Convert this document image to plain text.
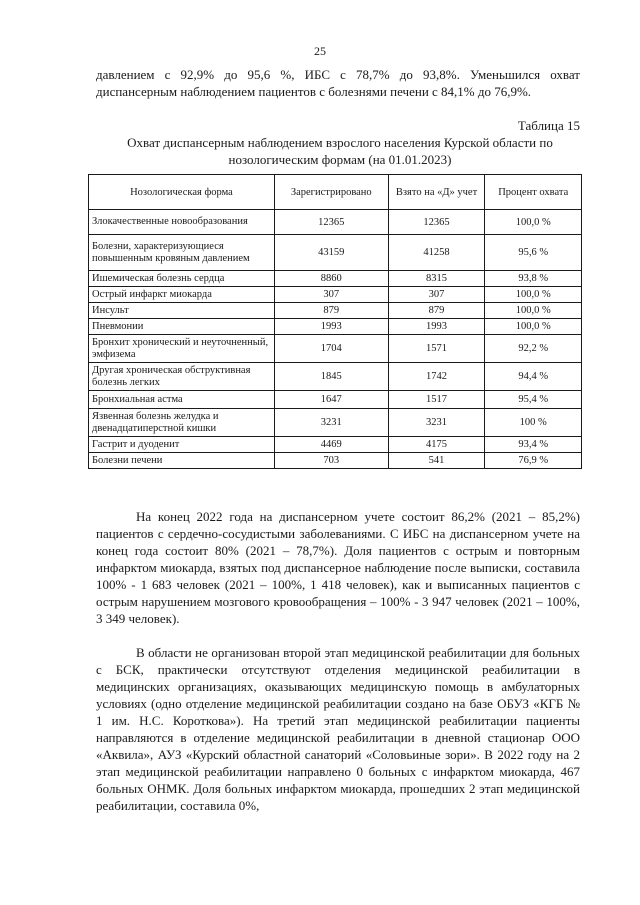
25

давлением с 92,9% до 95,6 %, ИБС с 78,7% до 93,8%. Уменьшился охват диспансерным наблюдением пациентов с болезнями печени с 84,1% до 76,9%.

Таблица 15
Охват диспансерным наблюдением взрослого населения Курской области по нозологическим формам (на 01.01.2023)
Нозологическая форма	Зарегистрировано	Взято на «Д» учет	Процент охвата
Злокачественные новообразования	12365	12365	100,0 %
Болезни, характеризующиеся повышенным кровяным давлением	43159	41258	95,6 %
Ишемическая болезнь сердца	8860	8315	93,8 %
Острый инфаркт миокарда	307	307	100,0 %
Инсульт	879	879	100,0 %
Пневмонии	1993	1993	100,0 %
Бронхит хронический и неуточненный, эмфизема	1704	1571	92,2 %
Другая хроническая обструктивная болезнь легких	1845	1742	94,4 %
Бронхиальная астма	1647	1517	95,4 %
Язвенная болезнь желудка и двенадцатиперстной кишки	3231	3231	100 %
Гастрит и дуоденит	4469	4175	93,4 %
Болезни печени	703	541	76,9 %

На конец 2022 года на диспансерном учете состоит 86,2% (2021 – 85,2%) пациентов с сердечно-сосудистыми заболеваниями. С ИБС на диспансерном учете на конец года состоит 80% (2021 – 78,7%). Доля пациентов с острым и повторным инфарктом миокарда, взятых под диспансерное наблюдение после выписки, составила 100% - 1 683 человек (2021 – 100%, 1 418 человек), как и выписанных пациентов с острым нарушением мозгового кровообращения – 100% - 3 947 человек (2021 – 100%, 3 349 человек).

В области не организован второй этап медицинской реабилитации для больных с БСК, практически отсутствуют отделения медицинской реабилитации в медицинских организациях, оказывающих медицинскую помощь в амбулаторных условиях (одно отделение медицинской реабилитации создано на базе ОБУЗ «КГБ № 1 им. Н.С. Короткова»). На третий этап медицинской реабилитации пациенты направляются в отделение медицинской реабилитации в дневной стационар ООО «Аквила», АУЗ «Курский областной санаторий «Соловьиные зори». В 2022 году на 2 этап медицинской реабилитации направлено 0 больных с инфарктом миокарда, 467 больных ОНМК. Доля больных инфарктом миокарда, прошедших 2 этап медицинской реабилитации, составила 0%,
